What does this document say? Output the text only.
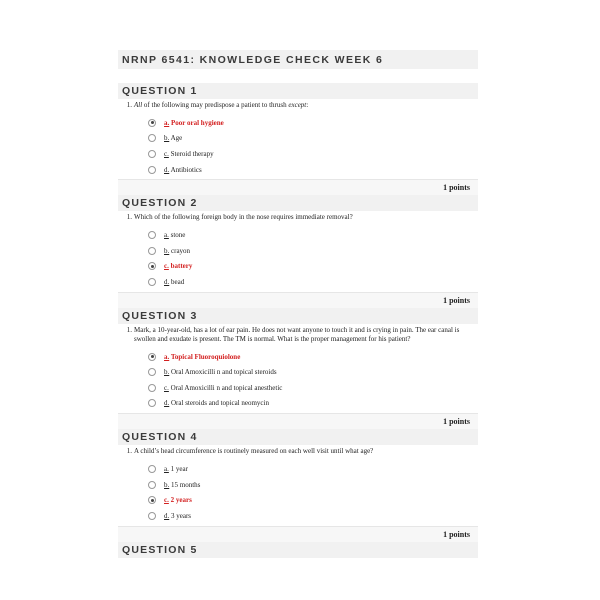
NRNP 6541: KNOWLEDGE CHECK WEEK 6
QUESTION 1
1. All of the following may predispose a patient to thrush except:
a. Poor oral hygiene
b. Age
c. Steroid therapy
d. Antibiotics
1 points
QUESTION 2
1. Which of the following foreign body in the nose requires immediate removal?
a. stone
b. crayon
c. battery
d. bead
1 points
QUESTION 3
1. Mark, a 10-year-old, has a lot of ear pain. He does not want anyone to touch it and is crying in pain. The ear canal is swollen and exudate is present. The TM is normal. What is the proper management for his patient?
a. Topical Fluoroquiolone
b. Oral Amoxicilli n and topical steroids
c. Oral Amoxicilli n and topical anesthetic
d. Oral steroids and topical neomycin
1 points
QUESTION 4
1. A child’s head circumference is routinely measured on each well visit until what age?
a. 1 year
b. 15 months
c. 2 years
d. 3 years
1 points
QUESTION 5
